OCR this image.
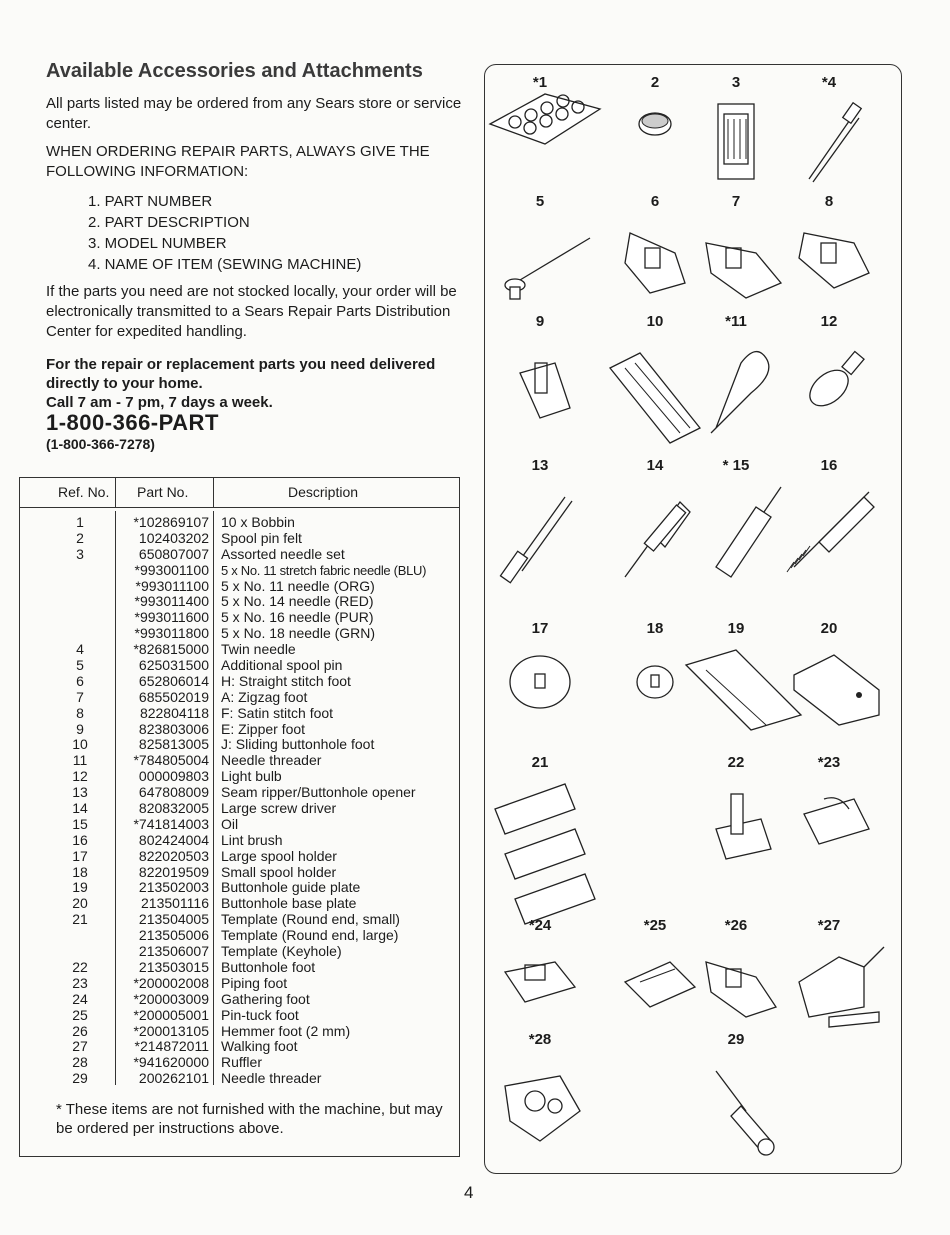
Available Accessories and Attachments
All parts listed may be ordered from any Sears store or service center.
WHEN ORDERING REPAIR PARTS, ALWAYS GIVE THE FOLLOWING INFORMATION:
1. PART NUMBER
2. PART DESCRIPTION
3. MODEL NUMBER
4. NAME OF ITEM (SEWING MACHINE)
If the parts you need are not stocked locally, your order will be electronically transmitted to a Sears Repair Parts Distribution Center for expedited handling.
For the repair or replacement parts you need delivered directly to your home.
Call 7 am - 7 pm, 7 days a week.
1-800-366-PART
(1-800-366-7278)
Ref. No. Part No.	Description
1	*102869107 10 x Bobbin
2	102403202 Spool pin felt
3	650807007 Assorted needle set
*993001100 5 x No. 11 stretch fabric needle (BLU)
*993011100 5 x No. 11 needle (ORG)
*993011400 5 x No. 14 needle (RED)
*993011600 5 x No. 16 needle (PUR)
*993011800 5 x No. 18 needle (GRN)
4	*826815000 Twin needle
5	625031500 Additional spool pin
6	652806014 H: Straight stitch foot
7	685502019 A: Zigzag foot
8	822804118 F: Satin stitch foot
9	823803006 E: Zipper foot
10	825813005 J: Sliding buttonhole foot
11	*784805004 Needle threader
12	000009803 Light bulb
13	647808009 Seam ripper/Buttonhole opener
14	820832005 Large screw driver
15	*741814003 Oil
16	802424004 Lint brush
17	822020503 Large spool holder
18	822019509 Small spool holder
19	213502003 Buttonhole guide plate
20	213501116 Buttonhole base plate
21	213504005 Template (Round end, small)
213505006 Template (Round end, large)
213506007 Template (Keyhole)
22	213503015 Buttonhole foot
23	*200002008 Piping foot
24	*200003009 Gathering foot
25	*200005001 Pin-tuck foot
26	*200013105 Hemmer foot (2 mm)
27	*214872011 Walking foot
28	*941620000 Ruffler
29	200262101 Needle threader
* These items are not furnished with the machine, but may be ordered per instructions above.
*1	2	3	*4
5	6	7	8
9	10	*11	12
13	14	* 15	16
17	18	19	20
21	22	*23
*24	*25	*26	*27
*28	29
4
